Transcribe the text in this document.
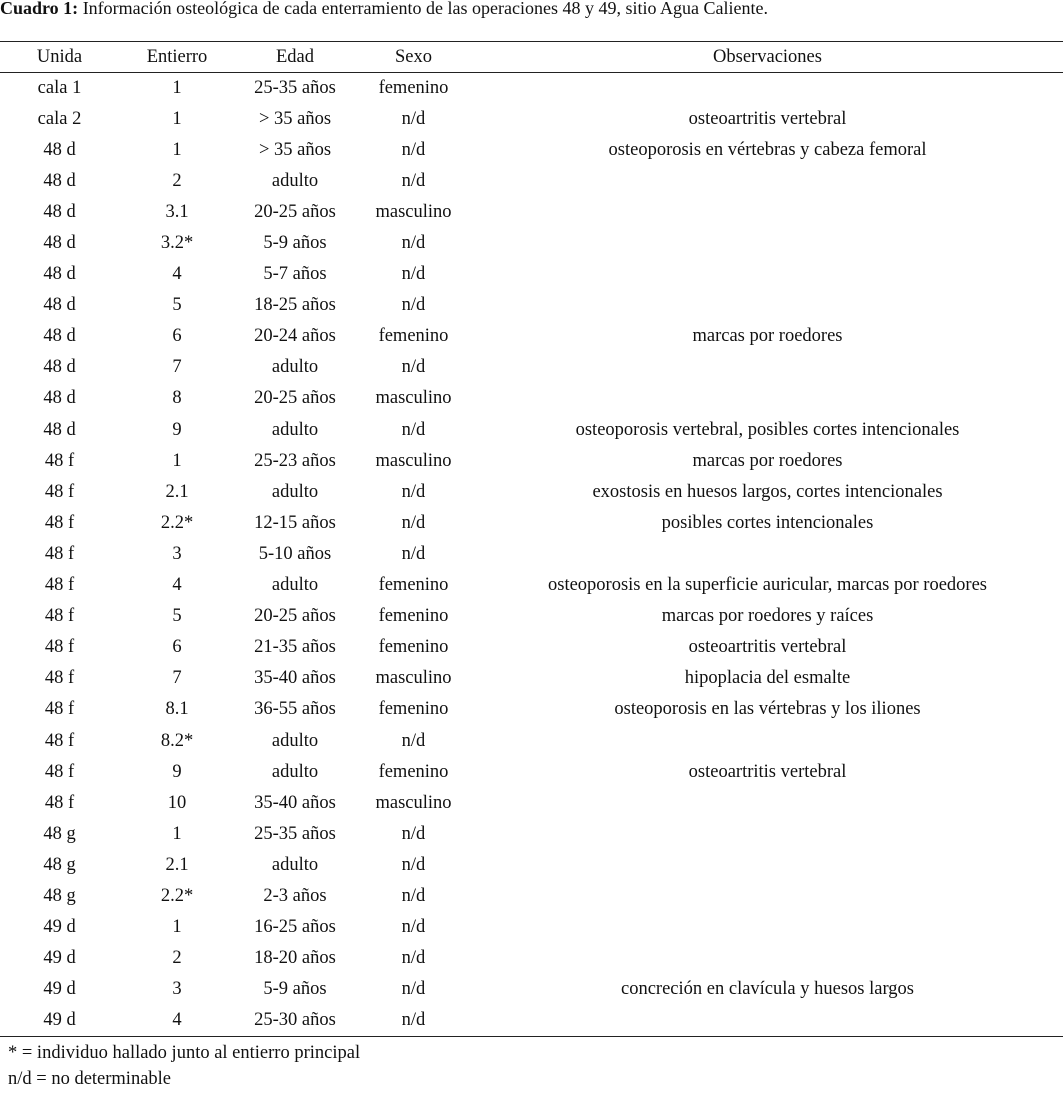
Cuadro 1: Información osteológica de cada enterramiento de las operaciones 48 y 49, sitio Agua Caliente.
Unida	Entierro	Edad	Sexo	Observaciones
cala 1	1	25-35 años	femenino	
cala 2	1	> 35 años	n/d	osteoartritis vertebral
48 d	1	> 35 años	n/d	osteoporosis en vértebras y cabeza femoral
48 d	2	adulto	n/d	
48 d	3.1	20-25 años	masculino	
48 d	3.2*	5-9 años	n/d	
48 d	4	5-7 años	n/d	
48 d	5	18-25 años	n/d	
48 d	6	20-24 años	femenino	marcas por roedores
48 d	7	adulto	n/d	
48 d	8	20-25 años	masculino	
48 d	9	adulto	n/d	osteoporosis vertebral, posibles cortes intencionales
48 f	1	25-23 años	masculino	marcas por roedores
48 f	2.1	adulto	n/d	exostosis en huesos largos, cortes intencionales
48 f	2.2*	12-15 años	n/d	posibles cortes intencionales
48 f	3	5-10 años	n/d	
48 f	4	adulto	femenino	osteoporosis en la superficie auricular, marcas por roedores
48 f	5	20-25 años	femenino	marcas por roedores y raíces
48 f	6	21-35 años	femenino	osteoartritis vertebral
48 f	7	35-40 años	masculino	hipoplacia del esmalte
48 f	8.1	36-55 años	femenino	osteoporosis en las vértebras y los iliones
48 f	8.2*	adulto	n/d	
48 f	9	adulto	femenino	osteoartritis vertebral
48 f	10	35-40 años	masculino	
48 g	1	25-35 años	n/d	
48 g	2.1	adulto	n/d	
48 g	2.2*	2-3 años	n/d	
49 d	1	16-25 años	n/d	
49 d	2	18-20 años	n/d	
49 d	3	5-9 años	n/d	concreción en clavícula y huesos largos
49 d	4	25-30 años	n/d	
* = individuo hallado junto al entierro principal
n/d = no determinable
